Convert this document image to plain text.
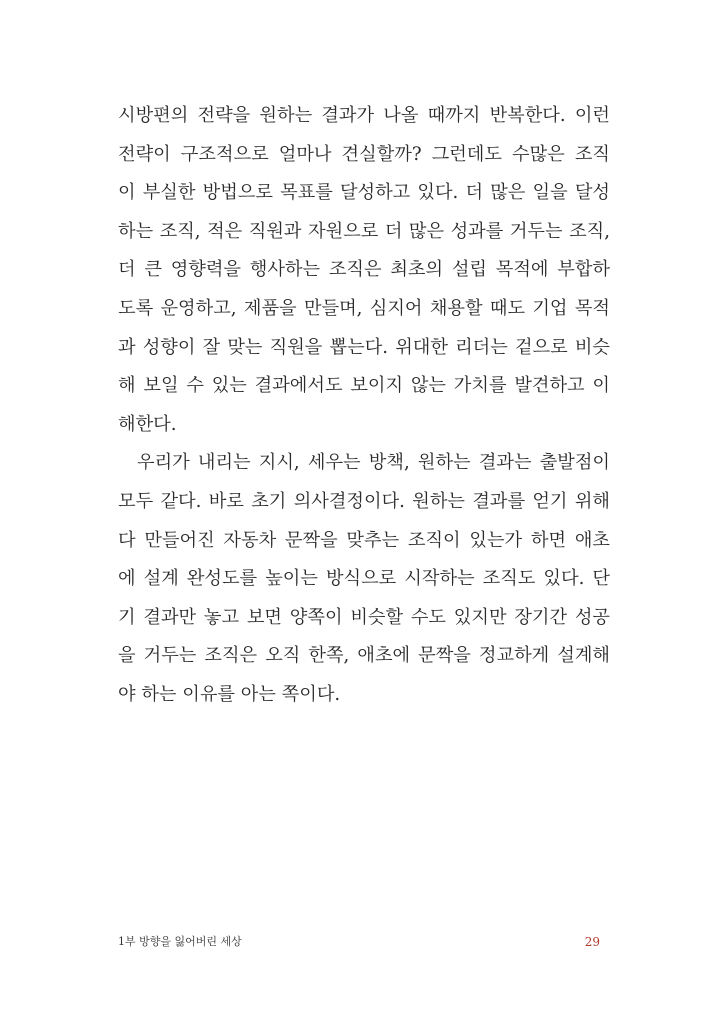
시방편의 전략을 원하는 결과가 나올 때까지 반복한다. 이런
전략이 구조적으로 얼마나 견실할까? 그런데도 수많은 조직
이 부실한 방법으로 목표를 달성하고 있다. 더 많은 일을 달성
하는 조직, 적은 직원과 자원으로 더 많은 성과를 거두는 조직,
더 큰 영향력을 행사하는 조직은 최초의 설립 목적에 부합하
도록 운영하고, 제품을 만들며, 심지어 채용할 때도 기업 목적
과 성향이 잘 맞는 직원을 뽑는다. 위대한 리더는 겉으로 비슷
해 보일 수 있는 결과에서도 보이지 않는 가치를 발견하고 이
해한다.
우리가 내리는 지시, 세우는 방책, 원하는 결과는 출발점이
모두 같다. 바로 초기 의사결정이다. 원하는 결과를 얻기 위해
다 만들어진 자동차 문짝을 맞추는 조직이 있는가 하면 애초
에 설계 완성도를 높이는 방식으로 시작하는 조직도 있다. 단
기 결과만 놓고 보면 양쪽이 비슷할 수도 있지만 장기간 성공
을 거두는 조직은 오직 한쪽, 애초에 문짝을 정교하게 설계해
야 하는 이유를 아는 쪽이다.
1부 방향을 잃어버린 세상	29
